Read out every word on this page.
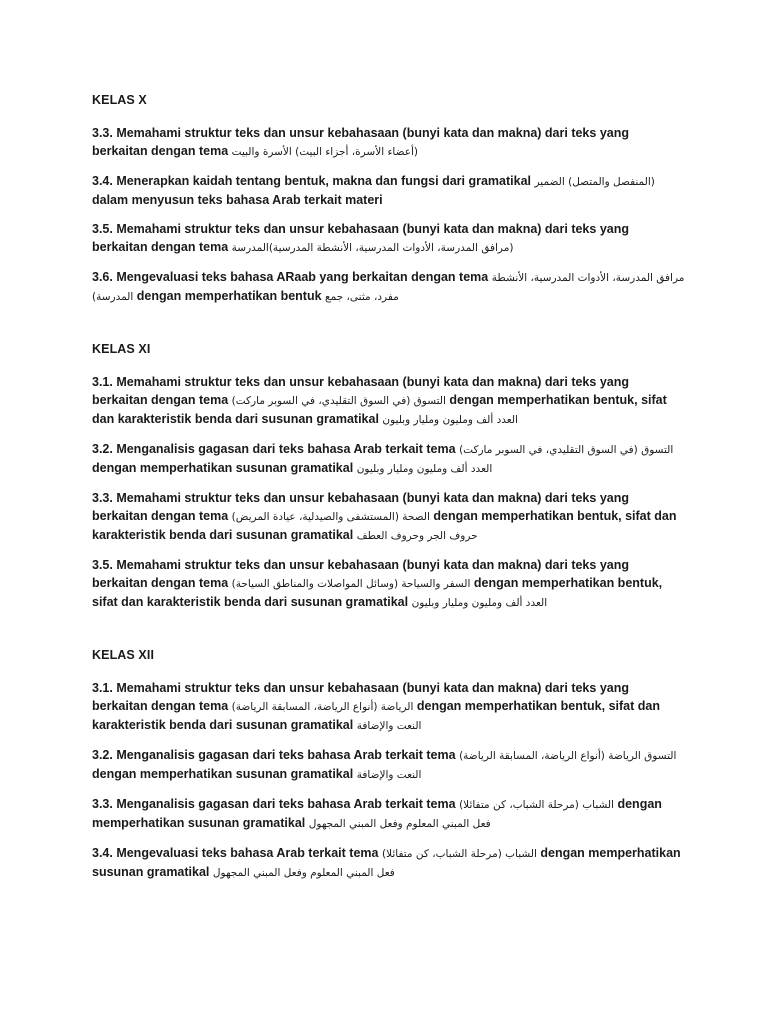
KELAS X

3.3. Memahami struktur teks dan unsur kebahasaan (bunyi kata dan makna) dari teks yang berkaitan dengan tema (أعضاء الأسرة، أجزاء البيت) الأسرة والبيت

3.4. Menerapkan kaidah tentang bentuk, makna dan fungsi dari gramatikal (المنفصل والمتصل) الضمير dalam menyusun teks bahasa Arab terkait materi

3.5. Memahami struktur teks dan unsur kebahasaan (bunyi kata dan makna) dari teks yang berkaitan dengan tema (مرافق المدرسة، الأدوات المدرسية، الأنشطة المدرسية)المدرسة

3.6. Mengevaluasi teks bahasa ARaab yang berkaitan dengan tema مرافق المدرسة، الأدوات المدرسية، الأنشطة المدرسة) dengan memperhatikan bentuk مفرد، مثنى، جمع

KELAS XI

3.1. Memahami struktur teks dan unsur kebahasaan (bunyi kata dan makna) dari teks yang berkaitan dengan tema التسوق (في السوق التقليدي، في السوبر ماركت) dengan memperhatikan bentuk, sifat dan karakteristik benda dari susunan gramatikal العدد ألف ومليون ومليار وبليون

3.2. Menganalisis gagasan dari teks bahasa Arab terkait tema التسوق (في السوق التقليدي، في السوبر ماركت) dengan memperhatikan susunan gramatikal العدد ألف ومليون ومليار وبليون

3.3. Memahami struktur teks dan unsur kebahasaan (bunyi kata dan makna) dari teks yang berkaitan dengan tema الصحة (المستشفى والصيدلية، عيادة المريض) dengan memperhatikan bentuk, sifat dan karakteristik benda dari susunan gramatikal حروف الجر وحروف العطف

3.5. Memahami struktur teks dan unsur kebahasaan (bunyi kata dan makna) dari teks yang berkaitan dengan tema السفر والسياحة (وسائل المواصلات والمناطق السياحة) dengan memperhatikan bentuk, sifat dan karakteristik benda dari susunan gramatikal العدد ألف ومليون ومليار وبليون

KELAS XII

3.1. Memahami struktur teks dan unsur kebahasaan (bunyi kata dan makna) dari teks yang berkaitan dengan tema الرياضة (أنواع الرياضة، المسابقة الرياضة) dengan memperhatikan bentuk, sifat dan karakteristik benda dari susunan gramatikal النعت والإضافة

3.2. Menganalisis gagasan dari teks bahasa Arab terkait tema التسوق الرياضة (أنواع الرياضة، المسابقة الرياضة) dengan memperhatikan susunan gramatikal النعت والإضافة

3.3. Menganalisis gagasan dari teks bahasa Arab terkait tema الشباب (مرحلة الشباب، كن متفائلا) dengan memperhatikan susunan gramatikal فعل المبني المعلوم وفعل المبني المجهول

3.4. Mengevaluasi teks bahasa Arab terkait tema الشباب (مرحلة الشباب، كن متفائلا) dengan memperhatikan susunan gramatikal فعل المبني المعلوم وفعل المبني المجهول
